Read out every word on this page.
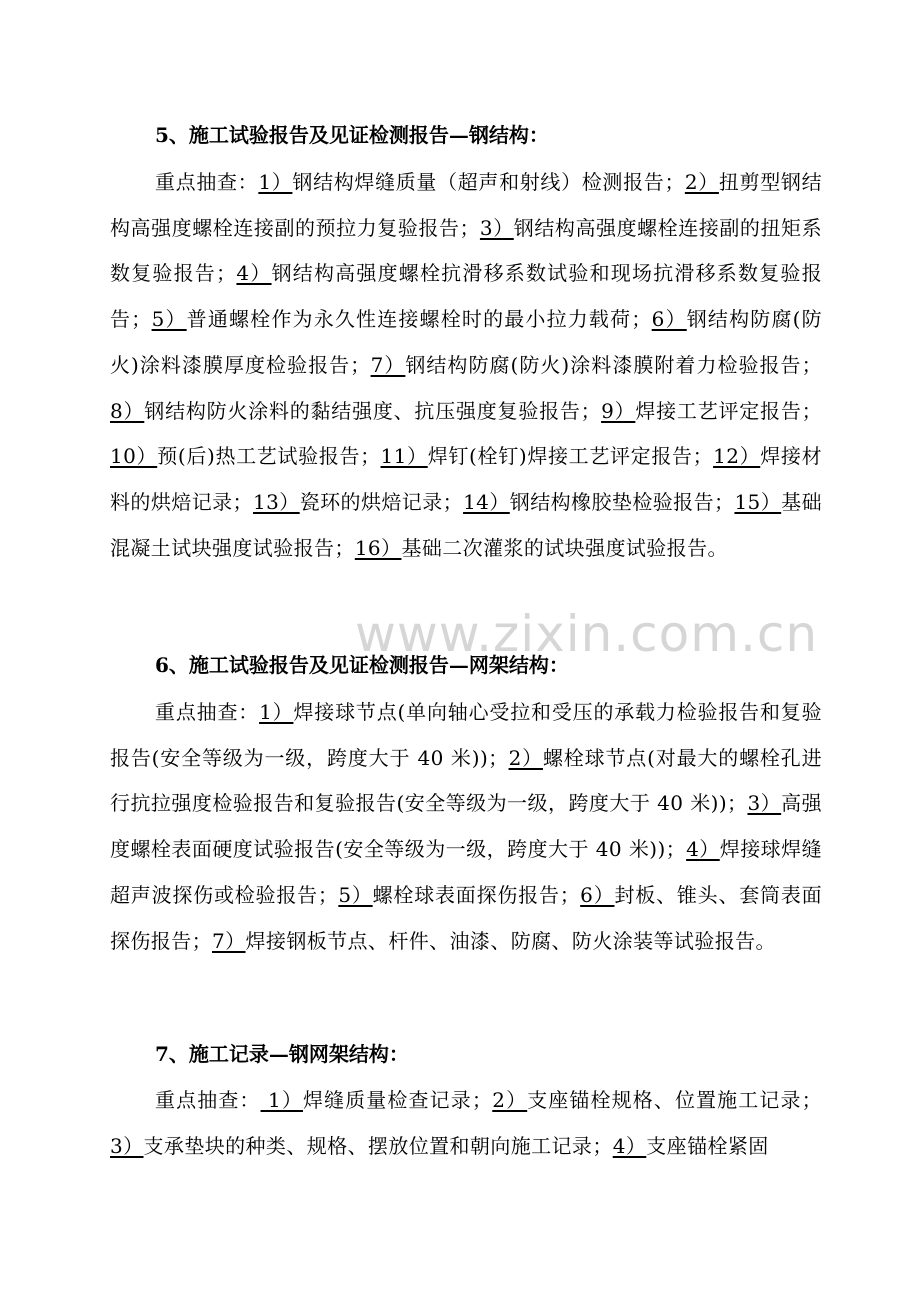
5、施工试验报告及见证检测报告—钢结构：
重点抽查：1）钢结构焊缝质量（超声和射线）检测报告；2）扭剪型钢结构高强度螺栓连接副的预拉力复验报告；3）钢结构高强度螺栓连接副的扭矩系数复验报告；4）钢结构高强度螺栓抗滑移系数试验和现场抗滑移系数复验报告；5）普通螺栓作为永久性连接螺栓时的最小拉力载荷；6）钢结构防腐(防火)涂料漆膜厚度检验报告；7）钢结构防腐(防火)涂料漆膜附着力检验报告；8）钢结构防火涂料的黏结强度、抗压强度复验报告；9）焊接工艺评定报告；10）预(后)热工艺试验报告；11）焊钉(栓钉)焊接工艺评定报告；12）焊接材料的烘焙记录；13）瓷环的烘焙记录；14）钢结构橡胶垫检验报告；15）基础混凝土试块强度试验报告；16）基础二次灌浆的试块强度试验报告。
6、施工试验报告及见证检测报告—网架结构：
重点抽查：1）焊接球节点(单向轴心受拉和受压的承载力检验报告和复验报告(安全等级为一级，跨度大于 40 米))；2）螺栓球节点(对最大的螺栓孔进行抗拉强度检验报告和复验报告(安全等级为一级，跨度大于 40 米))；3）高强度螺栓表面硬度试验报告(安全等级为一级，跨度大于 40 米))；4）焊接球焊缝超声波探伤或检验报告；5）螺栓球表面探伤报告；6）封板、锥头、套筒表面探伤报告；7）焊接钢板节点、杆件、油漆、防腐、防火涂装等试验报告。
7、施工记录—钢网架结构：
重点抽查： 1）焊缝质量检查记录；2）支座锚栓规格、位置施工记录；3）支承垫块的种类、规格、摆放位置和朝向施工记录；4）支座锚栓紧固
www.zixin.com.cn
